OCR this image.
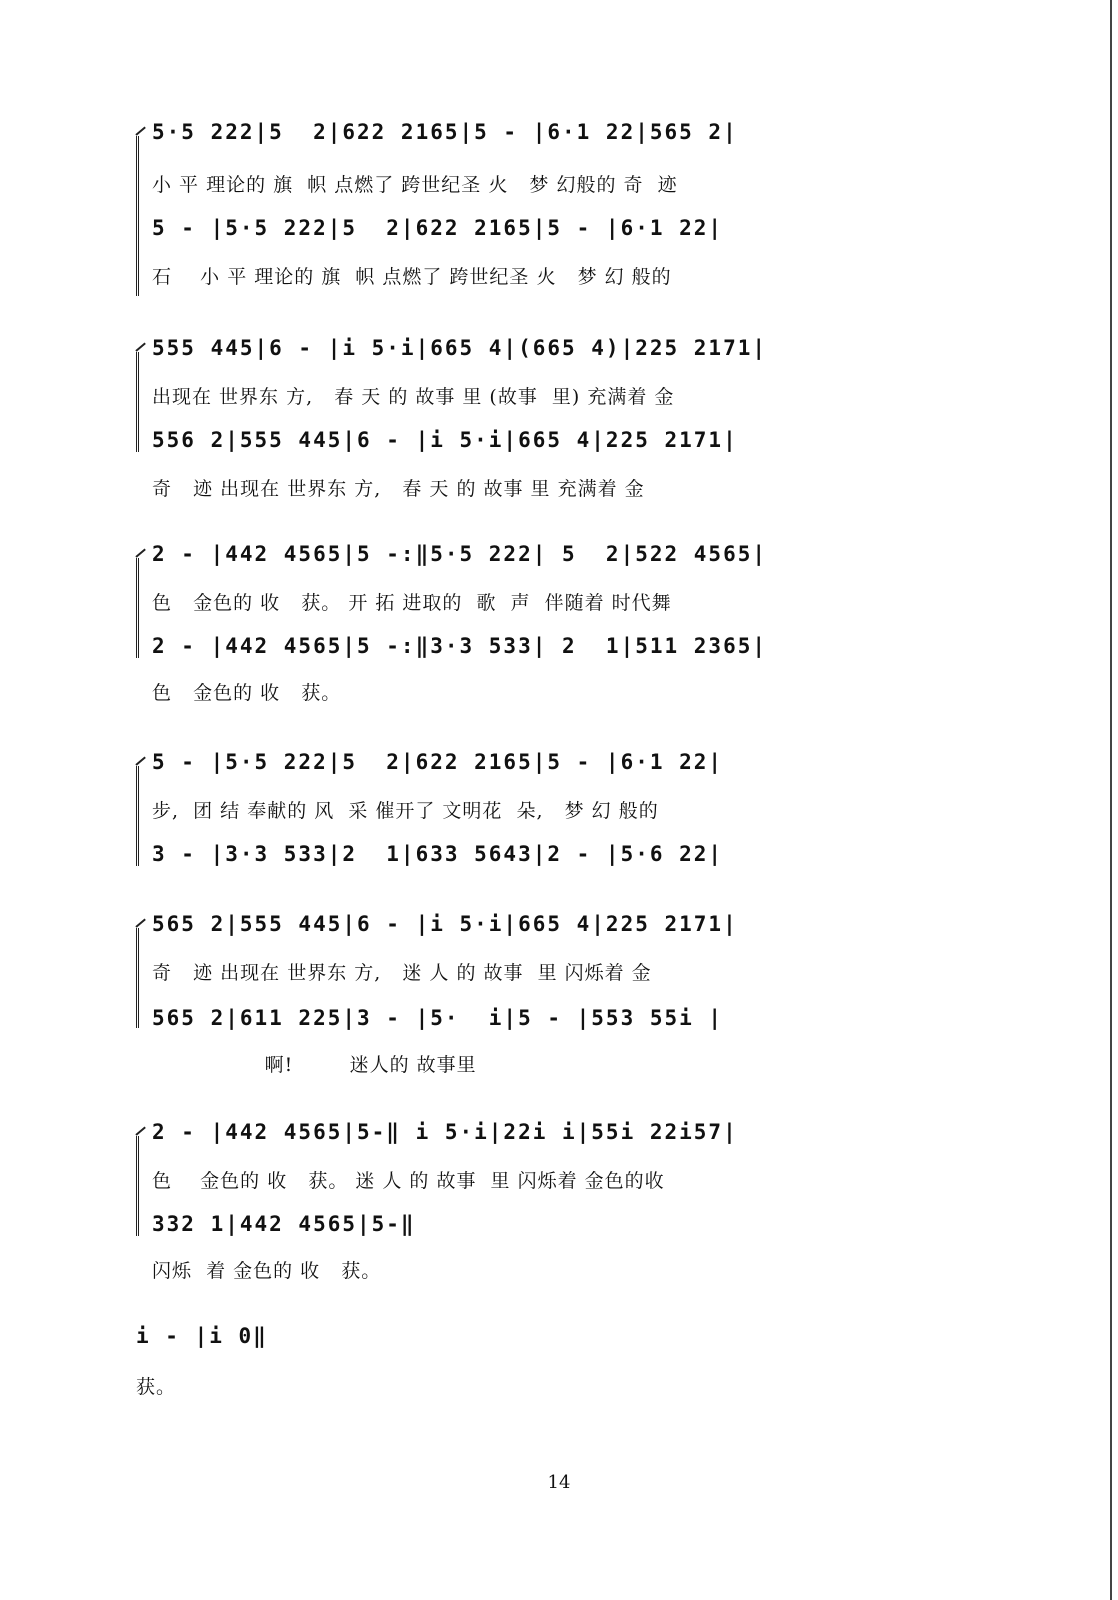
5·5 222|5  2|622 2165|5 - |6·1 22|565 2|
小 平 理论的 旗  帜 点燃了 跨世纪圣 火   梦 幻般的 奇  迹
5 - |5·5 222|5  2|622 2165|5 - |6·1 22|
石    小 平 理论的 旗  帜 点燃了 跨世纪圣 火   梦 幻 般的
555 445|6 - |i 5·i|665 4|(665 4)|225 2171|
出现在 世界东 方,   春 天 的 故事 里 (故事  里) 充满着 金
556 2|555 445|6 - |i 5·i|665 4|225 2171|
奇   迹 出现在 世界东 方,   春 天 的 故事 里 充满着 金
2 - |442 4565|5 -:‖5·5 222| 5  2|522 4565|
色   金色的 收   获。 开 拓 进取的  歌  声  伴随着 时代舞
2 - |442 4565|5 -:‖3·3 533| 2  1|511 2365|
色   金色的 收   获。
5 - |5·5 222|5  2|622 2165|5 - |6·1 22|
步,  团 结 奉献的 风  采 催开了 文明花  朵,   梦 幻 般的
3 - |3·3 533|2  1|633 5643|2 - |5·6 22|
565 2|555 445|6 - |i 5·i|665 4|225 2171|
奇   迹 出现在 世界东 方,   迷 人 的 故事  里 闪烁着 金
565 2|611 225|3 - |5·  i|5 - |553 55i |
啊!        迷人的 故事里
2 - |442 4565|5-‖ i 5·i|22i i|55i 22i57|
色    金色的 收   获。 迷 人 的 故事  里 闪烁着 金色的收
332 1|442 4565|5-‖
闪烁  着 金色的 收   获。
i - |i 0‖
获。
14
